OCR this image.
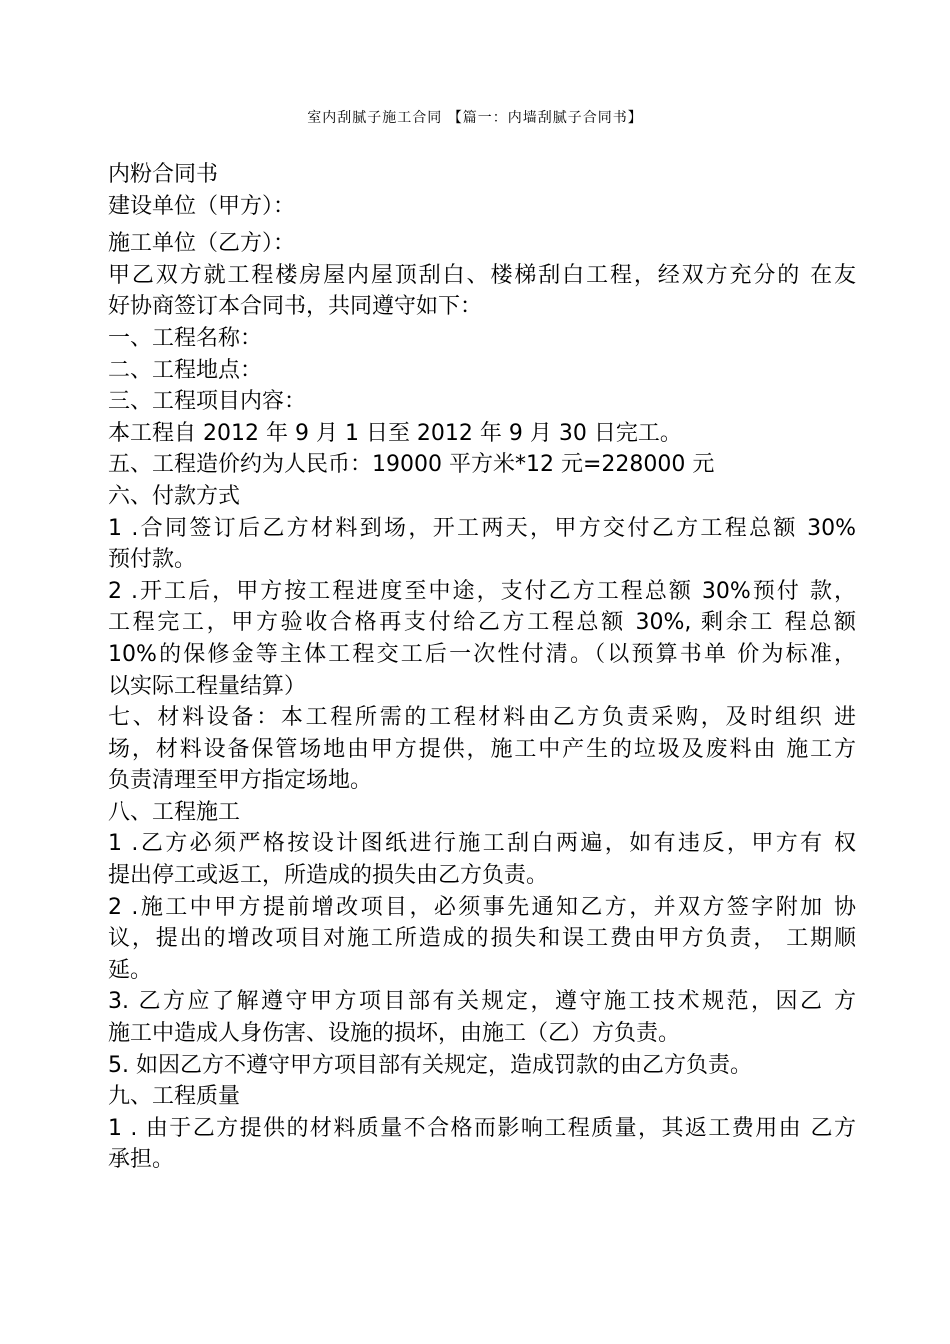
室内刮腻子施工合同 【篇一：内墙刮腻子合同书】
内粉合同书
建设单位（甲方）：
施工单位（乙方）：
甲乙双方就工程楼房屋内屋顶刮白、楼梯刮白工程，经双方充分的 在友
好协商签订本合同书，共同遵守如下：
一、工程名称：
二、工程地点：
三、工程项目内容：
本工程自 2012 年 9 月 1 日至 2012 年 9 月 30 日完工。
五、工程造价约为人民币：19000 平方米*12 元=228000 元
六、付款方式
1 .合同签订后乙方材料到场，开工两天，甲方交付乙方工程总额 30%
预付款。
2 .开工后，甲方按工程进度至中途，支付乙方工程总额 30%预付 款，
工程完工，甲方验收合格再支付给乙方工程总额 30%, 剩余工 程总额
10%的保修金等主体工程交工后一次性付清。（以预算书单 价为标准，
以实际工程量结算）
七、材料设备：本工程所需的工程材料由乙方负责采购，及时组织 进
场，材料设备保管场地由甲方提供，施工中产生的垃圾及废料由 施工方
负责清理至甲方指定场地。
八、工程施工
1 .乙方必须严格按设计图纸进行施工刮白两遍，如有违反，甲方有 权
提出停工或返工，所造成的损失由乙方负责。
2 .施工中甲方提前增改项目，必须事先通知乙方，并双方签字附加 协
议，提出的增改项目对施工所造成的损失和误工费由甲方负责， 工期顺
延。
3. 乙方应了解遵守甲方项目部有关规定，遵守施工技术规范，因乙 方
施工中造成人身伤害、设施的损坏，由施工（乙）方负责。
5. 如因乙方不遵守甲方项目部有关规定，造成罚款的由乙方负责。
九、工程质量
1 . 由于乙方提供的材料质量不合格而影响工程质量，其返工费用由 乙方
承担。
